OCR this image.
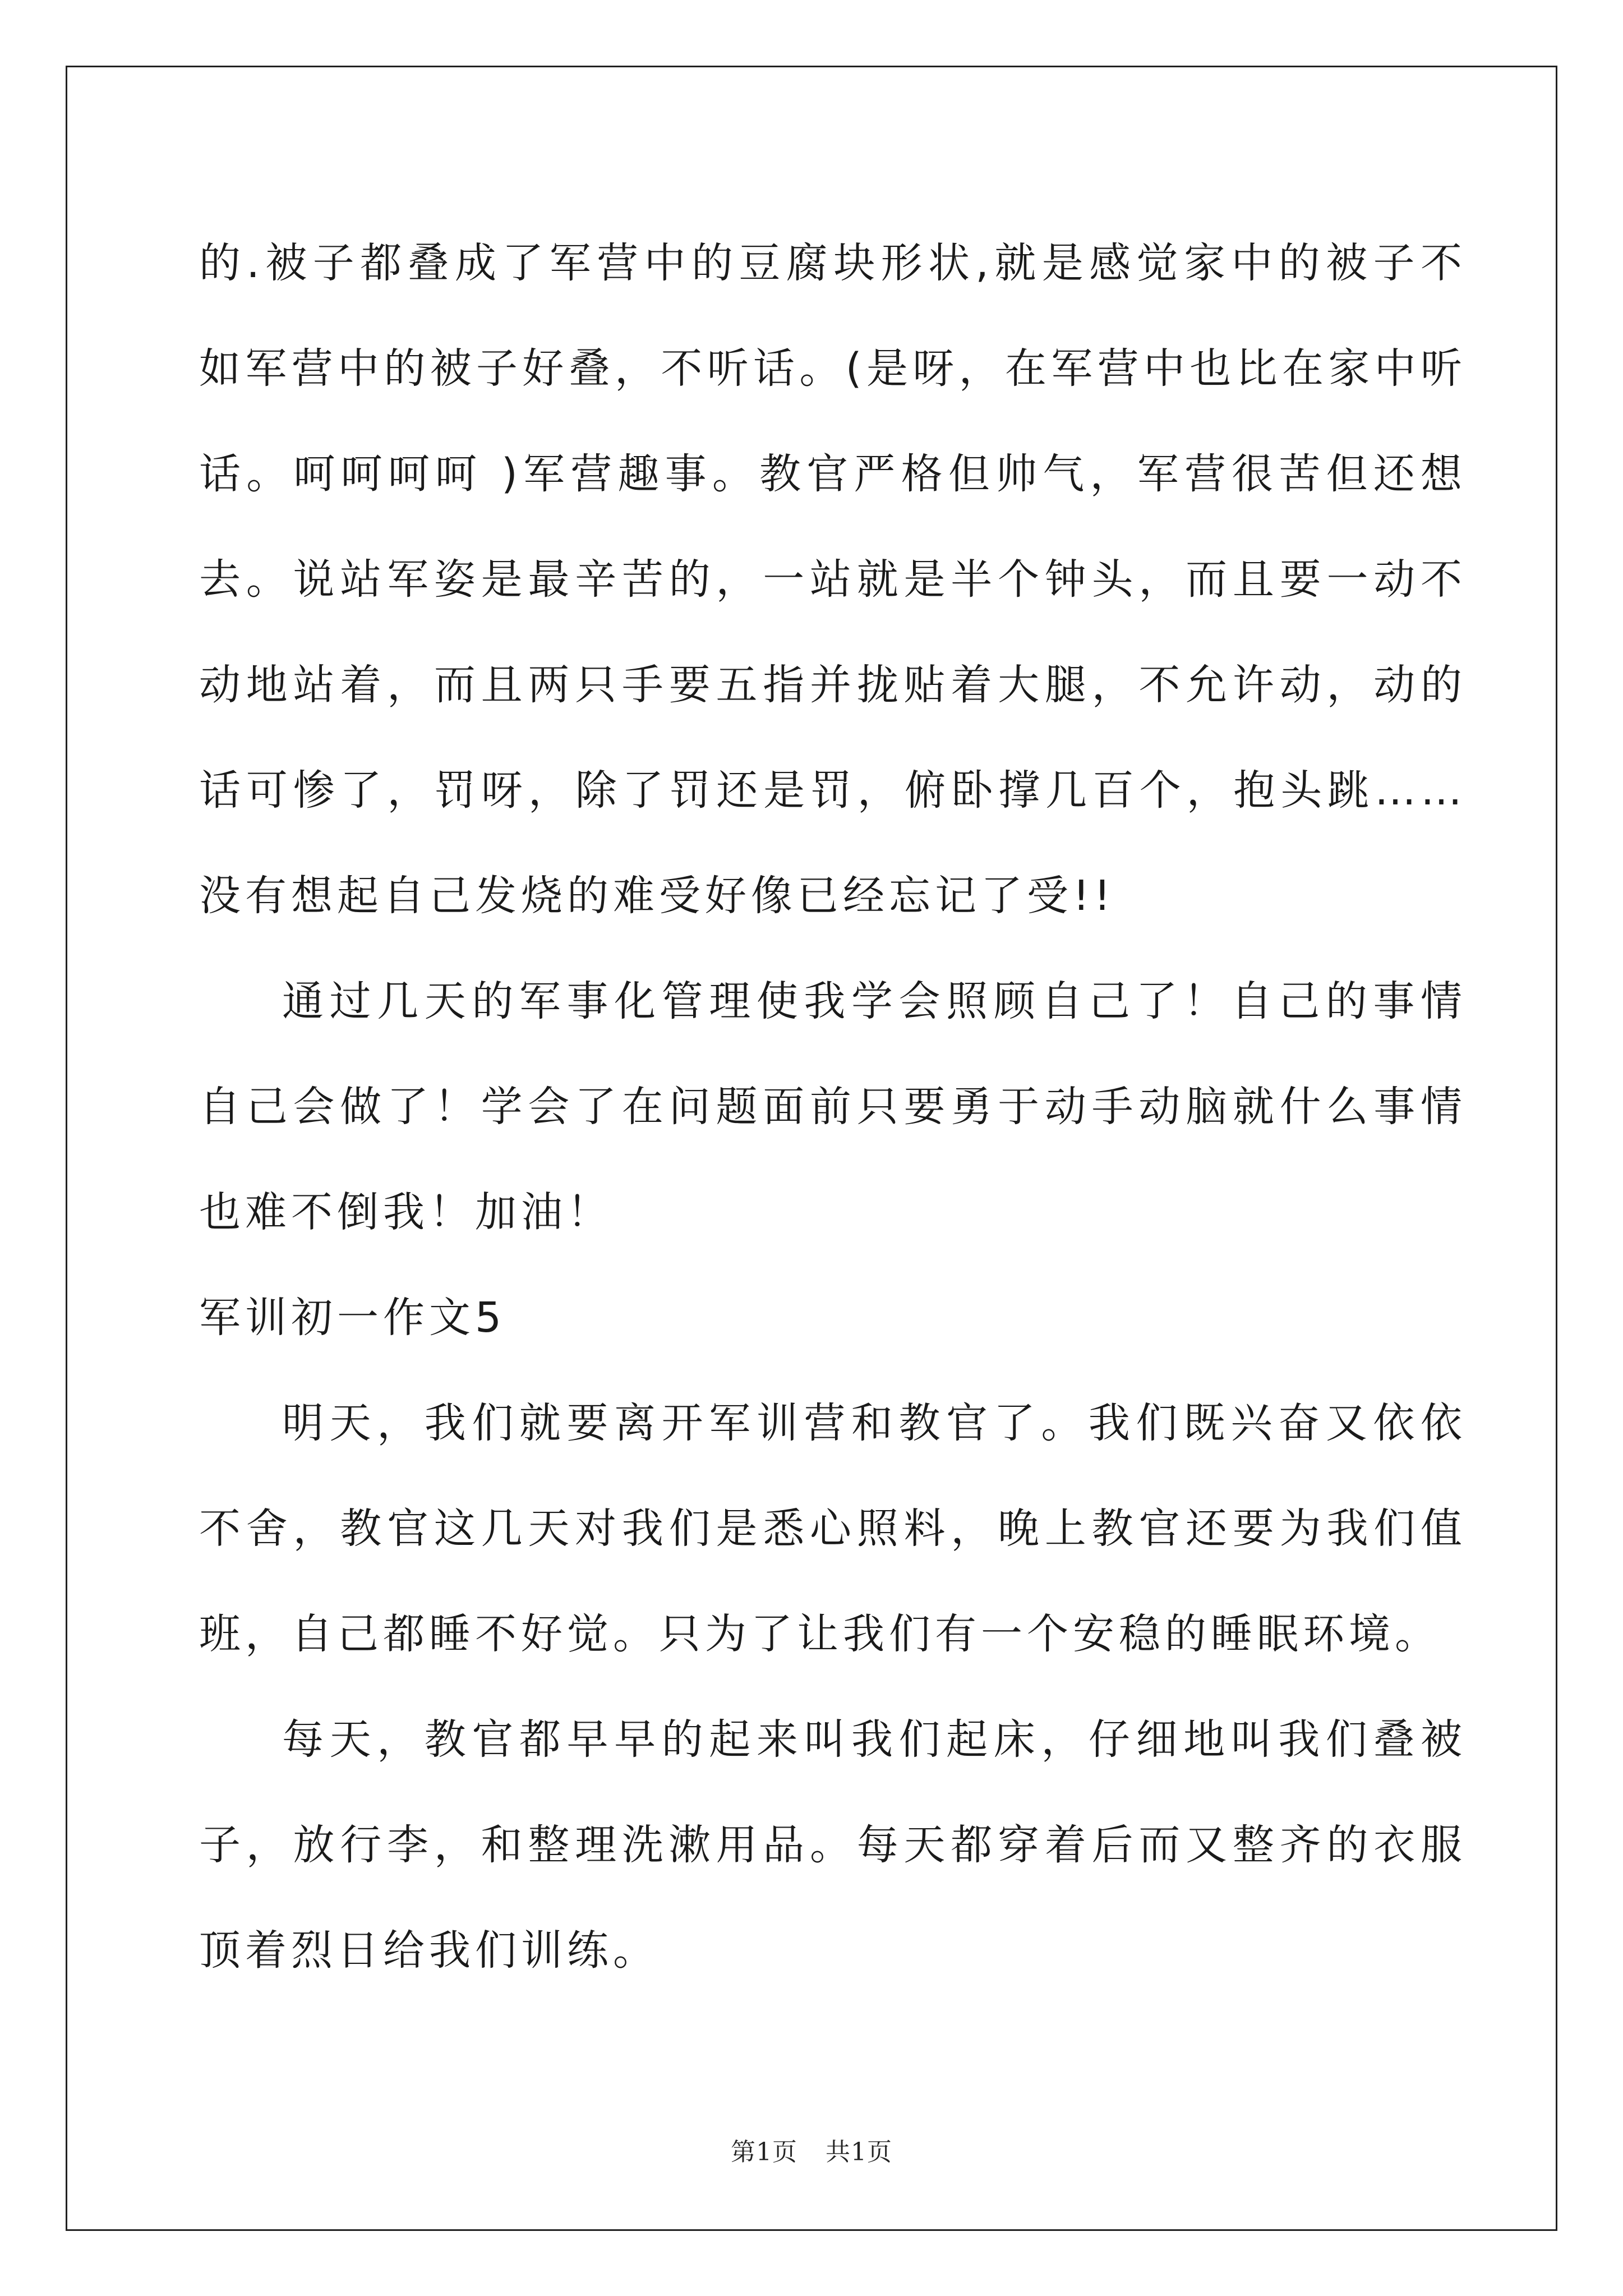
的.被子都叠成了军营中的豆腐块形状,就是感觉家中的被子不如军营中的被子好叠，不听话。(是呀，在军营中也比在家中听话。呵呵呵呵 )军营趣事。教官严格但帅气，军营很苦但还想去。说站军姿是最辛苦的，一站就是半个钟头，而且要一动不动地站着，而且两只手要五指并拢贴着大腿，不允许动，动的话可惨了，罚呀，除了罚还是罚，俯卧撑几百个，抱头跳……没有想起自己发烧的难受好像已经忘记了受!!

通过几天的军事化管理使我学会照顾自己了！自己的事情自己会做了！学会了在问题面前只要勇于动手动脑就什么事情也难不倒我！加油！

军训初一作文5

明天，我们就要离开军训营和教官了。我们既兴奋又依依不舍，教官这几天对我们是悉心照料，晚上教官还要为我们值班，自己都睡不好觉。只为了让我们有一个安稳的睡眠环境。

每天，教官都早早的起来叫我们起床，仔细地叫我们叠被子，放行李，和整理洗漱用品。每天都穿着后而又整齐的衣服顶着烈日给我们训练。

第1页 共1页
